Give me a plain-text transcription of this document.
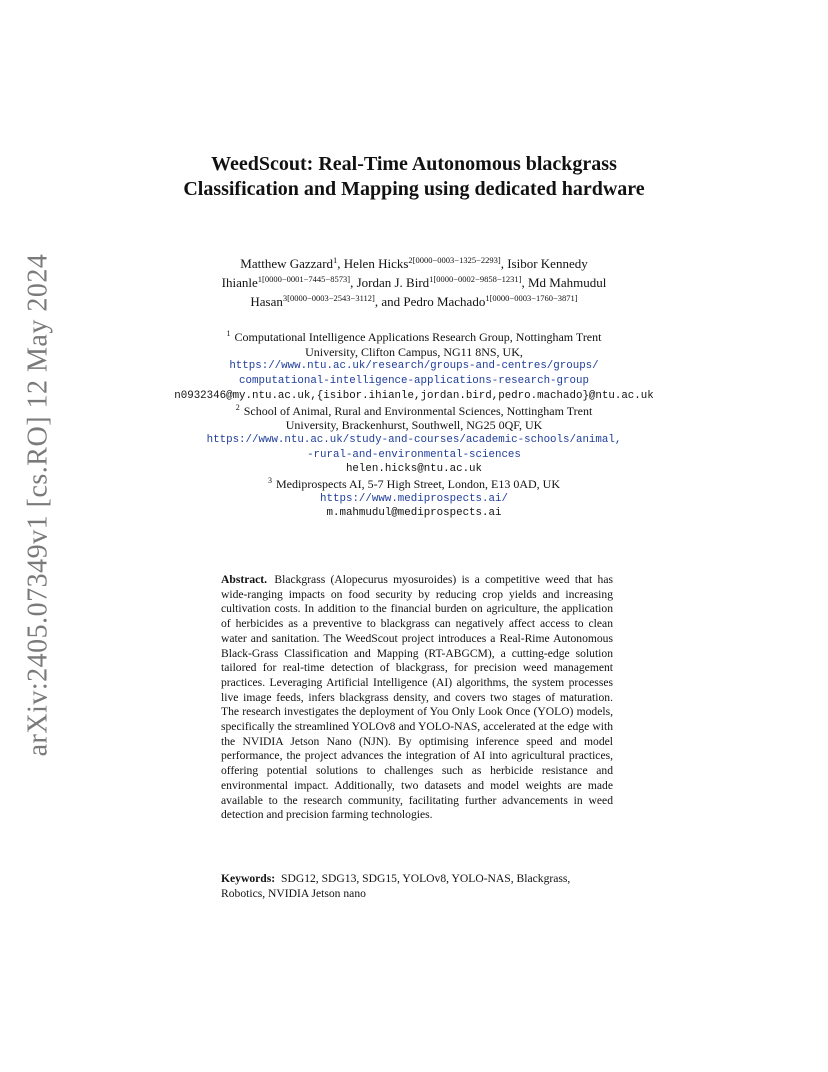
arXiv:2405.07349v1 [cs.RO] 12 May 2024
WeedScout: Real-Time Autonomous blackgrass Classification and Mapping using dedicated hardware
Matthew Gazzard$^1$, Helen Hicks$^{2[0000-0003-1325-2293]}$, Isibor Kennedy Ihianle$^{1[0000-0001-7445-8573]}$, Jordan J. Bird$^{1[0000-0002-9858-1231]}$, Md Mahmudul Hasan$^{3[0000-0003-2543-3112]}$, and Pedro Machado$^{1[0000-0003-1760-3871]}$
$^1$ Computational Intelligence Applications Research Group, Nottingham Trent
University, Clifton Campus, NG11 8NS, UK,
https://www.ntu.ac.uk/research/groups-and-centres/groups/
computational-intelligence-applications-research-group
n0932346@my.ntu.ac.uk,{isibor.ihianle,jordan.bird,pedro.machado}@ntu.ac.uk
$^2$ School of Animal, Rural and Environmental Sciences, Nottingham Trent
University, Brackenhurst, Southwell, NG25 0QF, UK
https://www.ntu.ac.uk/study-and-courses/academic-schools/animal,
-rural-and-environmental-sciences
helen.hicks@ntu.ac.uk
$^3$ Mediprospects AI, 5-7 High Street, London, E13 0AD, UK
https://www.mediprospects.ai/
m.mahmudul@mediprospects.ai

Abstract. Blackgrass (Alopecurus myosuroides) is a competitive weed that has wide-ranging impacts on food security by reducing crop yields and increasing cultivation costs. In addition to the financial burden on agriculture, the application of herbicides as a preventive to blackgrass can negatively affect access to clean water and sanitation. The WeedScout project introduces a Real-Rime Autonomous Black-Grass Classification and Mapping (RT-ABGCM), a cutting-edge solution tailored for real-time detection of blackgrass, for precision weed management practices. Leveraging Artificial Intelligence (AI) algorithms, the system processes live image feeds, infers blackgrass density, and covers two stages of maturation. The research investigates the deployment of You Only Look Once (YOLO) models, specifically the streamlined YOLOv8 and YOLO-NAS, accelerated at the edge with the NVIDIA Jetson Nano (NJN). By optimising inference speed and model performance, the project advances the integration of AI into agricultural practices, offering potential solutions to challenges such as herbicide resistance and environmental impact. Additionally, two datasets and model weights are made available to the research community, facilitating further advancements in weed detection and precision farming technologies.

Keywords: SDG12, SDG13, SDG15, YOLOv8, YOLO-NAS, Blackgrass, Robotics, NVIDIA Jetson nano
